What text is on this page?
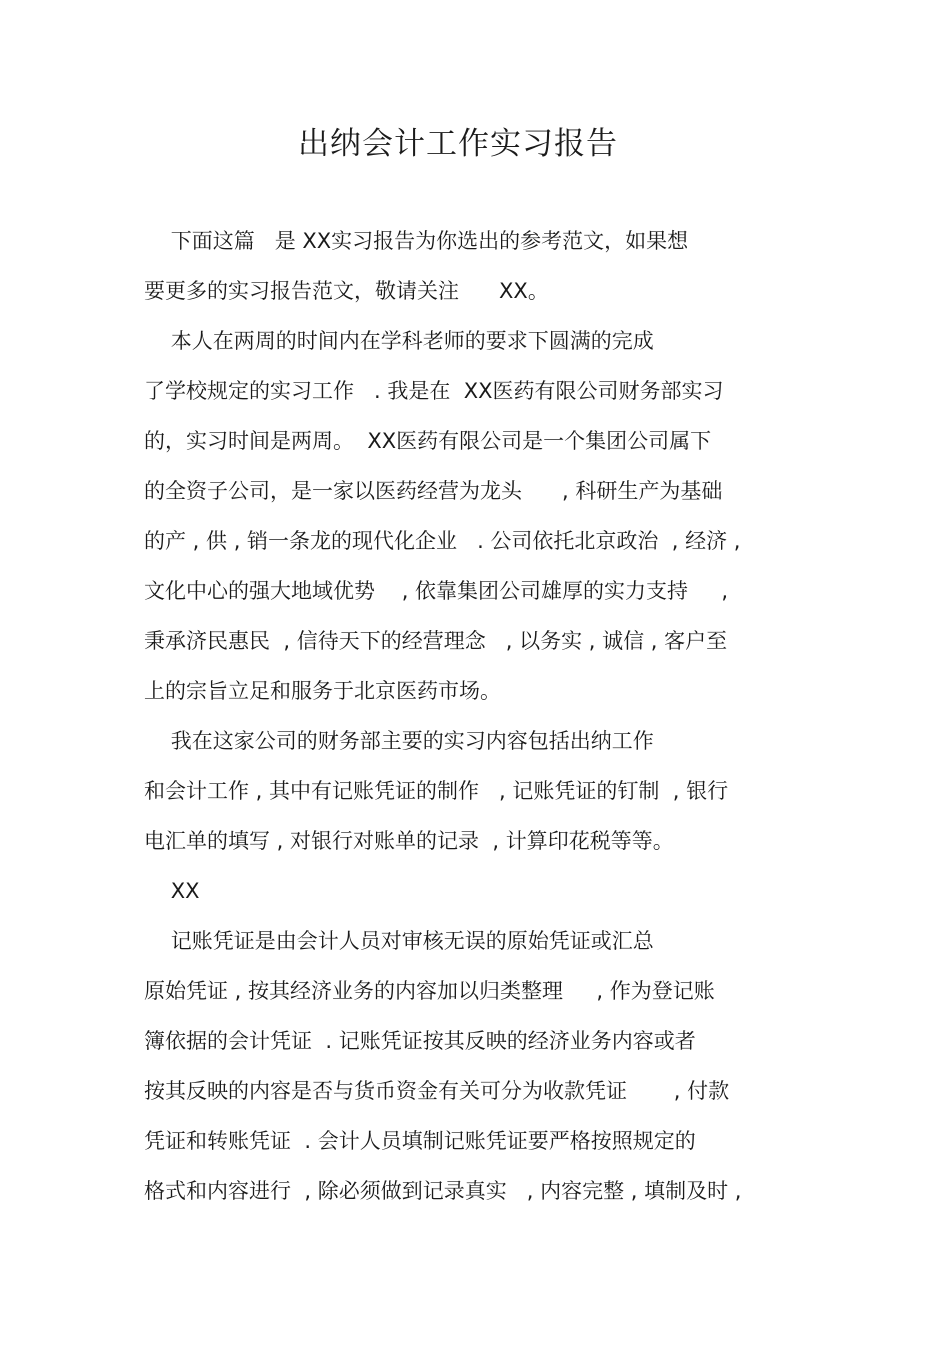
出纳会计工作实习报告
下面这篇   是 XX实习报告为你选出的参考范文，如果想
要更多的实习报告范文，敬请关注      XX。
本人在两周的时间内在学科老师的要求下圆满的完成
了学校规定的实习工作   . 我是在  XX医药有限公司财务部实习
的，实习时间是两周。  XX医药有限公司是一个集团公司属下
的全资子公司，是一家以医药经营为龙头      , 科研生产为基础
的产 , 供 , 销一条龙的现代化企业   . 公司依托北京政治  , 经济 ,
文化中心的强大地域优势    , 依靠集团公司雄厚的实力支持     ,
秉承济民惠民  , 信待天下的经营理念   , 以务实 , 诚信 , 客户至
上的宗旨立足和服务于北京医药市场。
我在这家公司的财务部主要的实习内容包括出纳工作
和会计工作 , 其中有记账凭证的制作   , 记账凭证的钉制  , 银行
电汇单的填写 , 对银行对账单的记录  , 计算印花税等等。
XX
记账凭证是由会计人员对审核无误的原始凭证或汇总
原始凭证 , 按其经济业务的内容加以归类整理     , 作为登记账
簿依据的会计凭证  . 记账凭证按其反映的经济业务内容或者
按其反映的内容是否与货币资金有关可分为收款凭证       , 付款
凭证和转账凭证  . 会计人员填制记账凭证要严格按照规定的
格式和内容进行  , 除必须做到记录真实   , 内容完整 , 填制及时 ,
